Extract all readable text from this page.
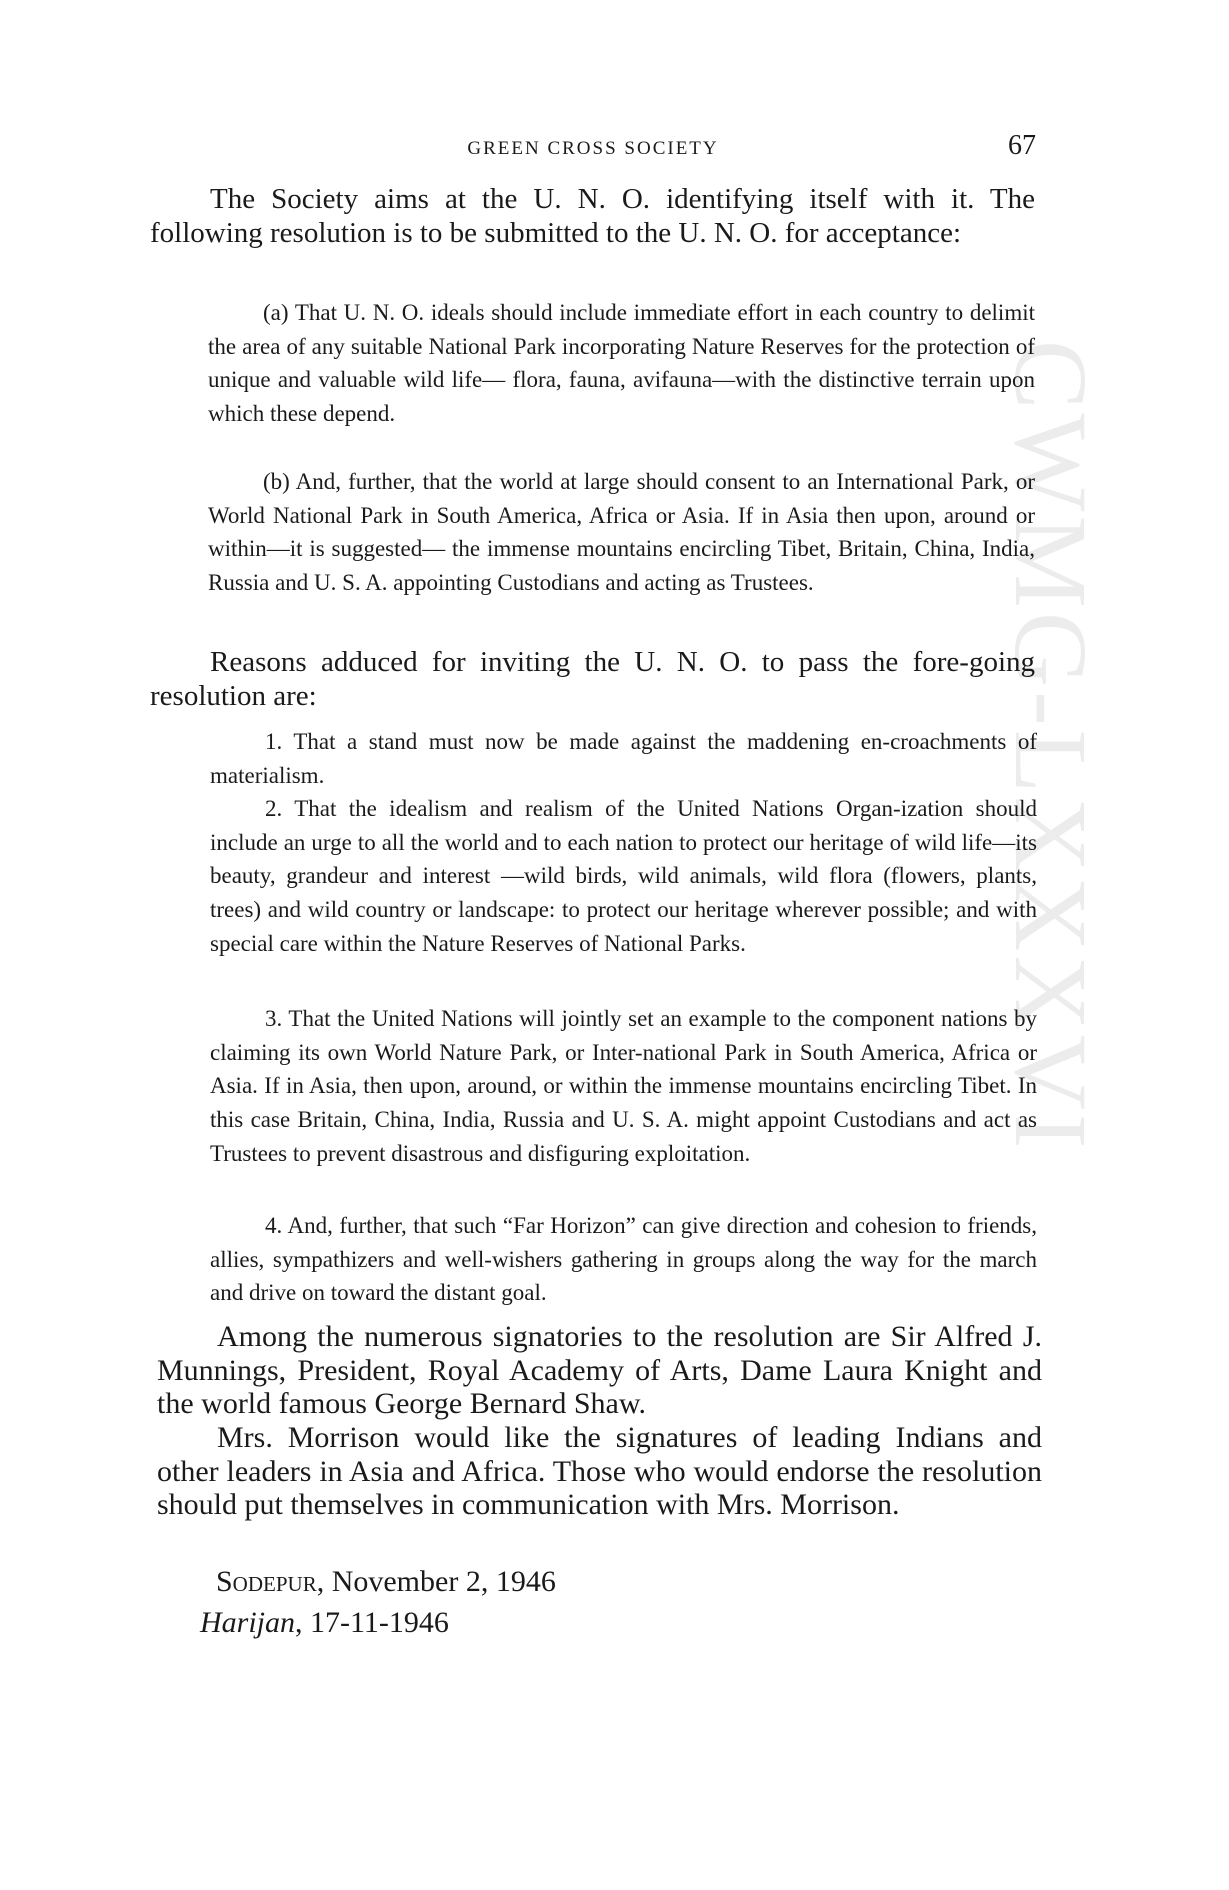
CWMG-LXXXVI
GREEN CROSS SOCIETY	67

The Society aims at the U. N. O. identifying itself with it. The following resolution is to be submitted to the U. N. O. for acceptance:

(a) That U. N. O. ideals should include immediate effort in each country to delimit the area of any suitable National Park incorporating Nature Reserves for the protection of unique and valuable wild life— flora, fauna, avifauna—with the distinctive terrain upon which these depend.

(b) And, further, that the world at large should consent to an International Park, or World National Park in South America, Africa or Asia. If in Asia then upon, around or within—it is suggested— the immense mountains encircling Tibet, Britain, China, India, Russia and U. S. A. appointing Custodians and acting as Trustees.

Reasons adduced for inviting the U. N. O. to pass the fore-going resolution are:

1. That a stand must now be made against the maddening en-croachments of materialism.

2. That the idealism and realism of the United Nations Organ-ization should include an urge to all the world and to each nation to protect our heritage of wild life—its beauty, grandeur and interest —wild birds, wild animals, wild flora (flowers, plants, trees) and wild country or landscape: to protect our heritage wherever possible; and with special care within the Nature Reserves of National Parks.

3. That the United Nations will jointly set an example to the component nations by claiming its own World Nature Park, or Inter-national Park in South America, Africa or Asia. If in Asia, then upon, around, or within the immense mountains encircling Tibet. In this case Britain, China, India, Russia and U. S. A. might appoint Custodians and act as Trustees to prevent disastrous and disfiguring exploitation.

4. And, further, that such “Far Horizon” can give direction and cohesion to friends, allies, sympathizers and well-wishers gathering in groups along the way for the march and drive on toward the distant goal.

Among the numerous signatories to the resolution are Sir Alfred J. Munnings, President, Royal Academy of Arts, Dame Laura Knight and the world famous George Bernard Shaw.

Mrs. Morrison would like the signatures of leading Indians and other leaders in Asia and Africa. Those who would endorse the resolution should put themselves in communication with Mrs. Morrison.

Sodepur, November 2, 1946
Harijan, 17-11-1946
